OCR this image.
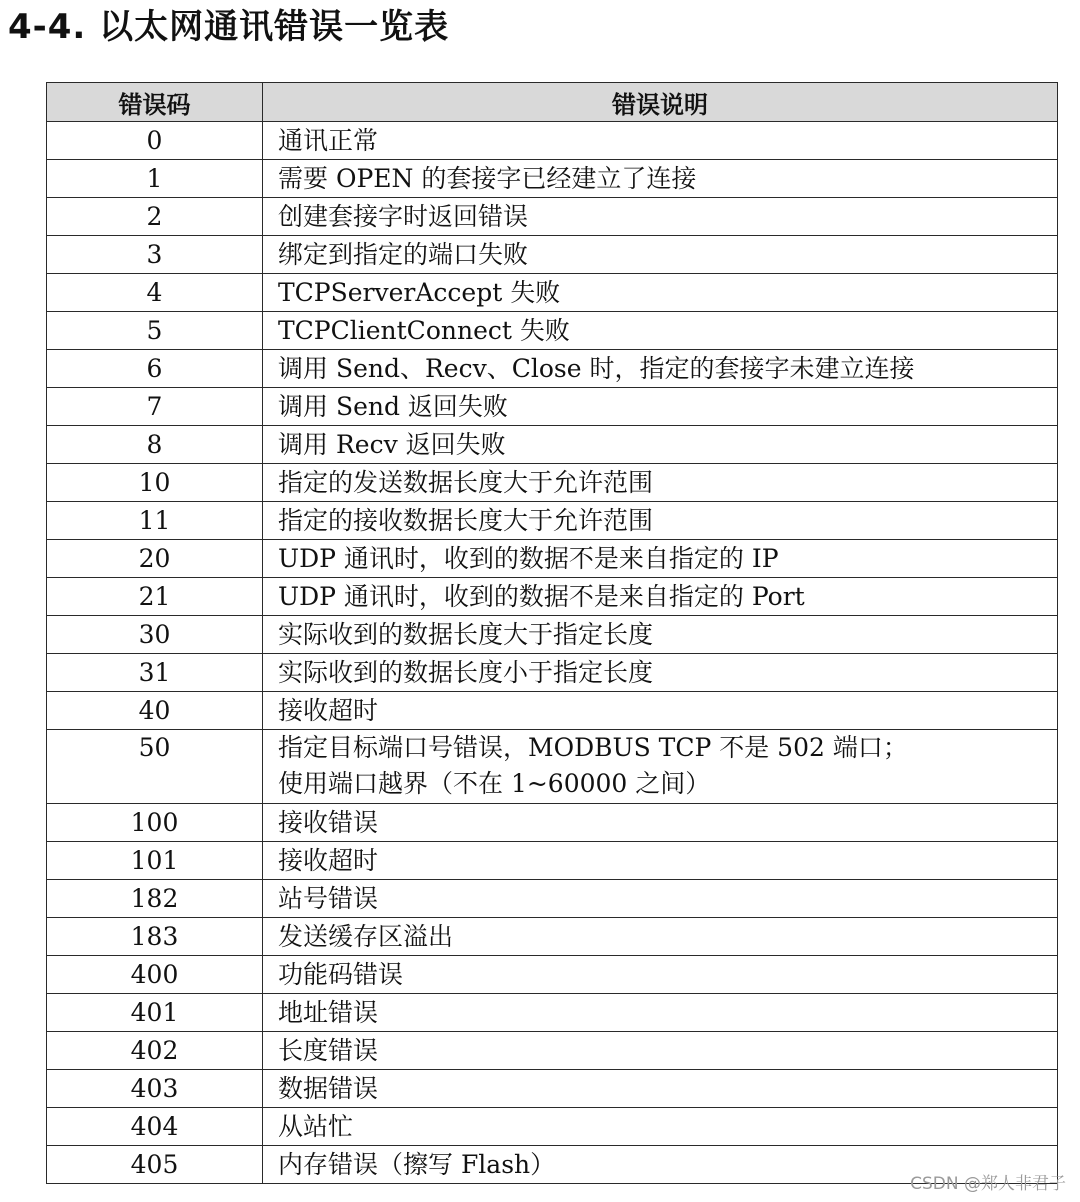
4-4. 以太网通讯错误一览表
错误码	错误说明
0	通讯正常

1	需要 OPEN 的套接字已经建立了连接

2	创建套接字时返回错误

3	绑定到指定的端口失败

4	TCPServerAccept 失败

5	TCPClientConnect 失败

6	调用 Send、Recv、Close 时，指定的套接字未建立连接

7	调用 Send 返回失败

8	调用 Recv 返回失败

10	指定的发送数据长度大于允许范围

11	指定的接收数据长度大于允许范围

20	UDP 通讯时，收到的数据不是来自指定的 IP

21	UDP 通讯时，收到的数据不是来自指定的 Port

30	实际收到的数据长度大于指定长度

31	实际收到的数据长度小于指定长度

40	接收超时

50	指定目标端口号错误，MODBUS TCP 不是 502 端口；
使用端口越界（不在 1~60000 之间）

100	接收错误

101	接收超时

182	站号错误

183	发送缓存区溢出

400	功能码错误

401	地址错误

402	长度错误

403	数据错误

404	从站忙

405	内存错误（擦写 Flash）
CSDN @郑人非君子
